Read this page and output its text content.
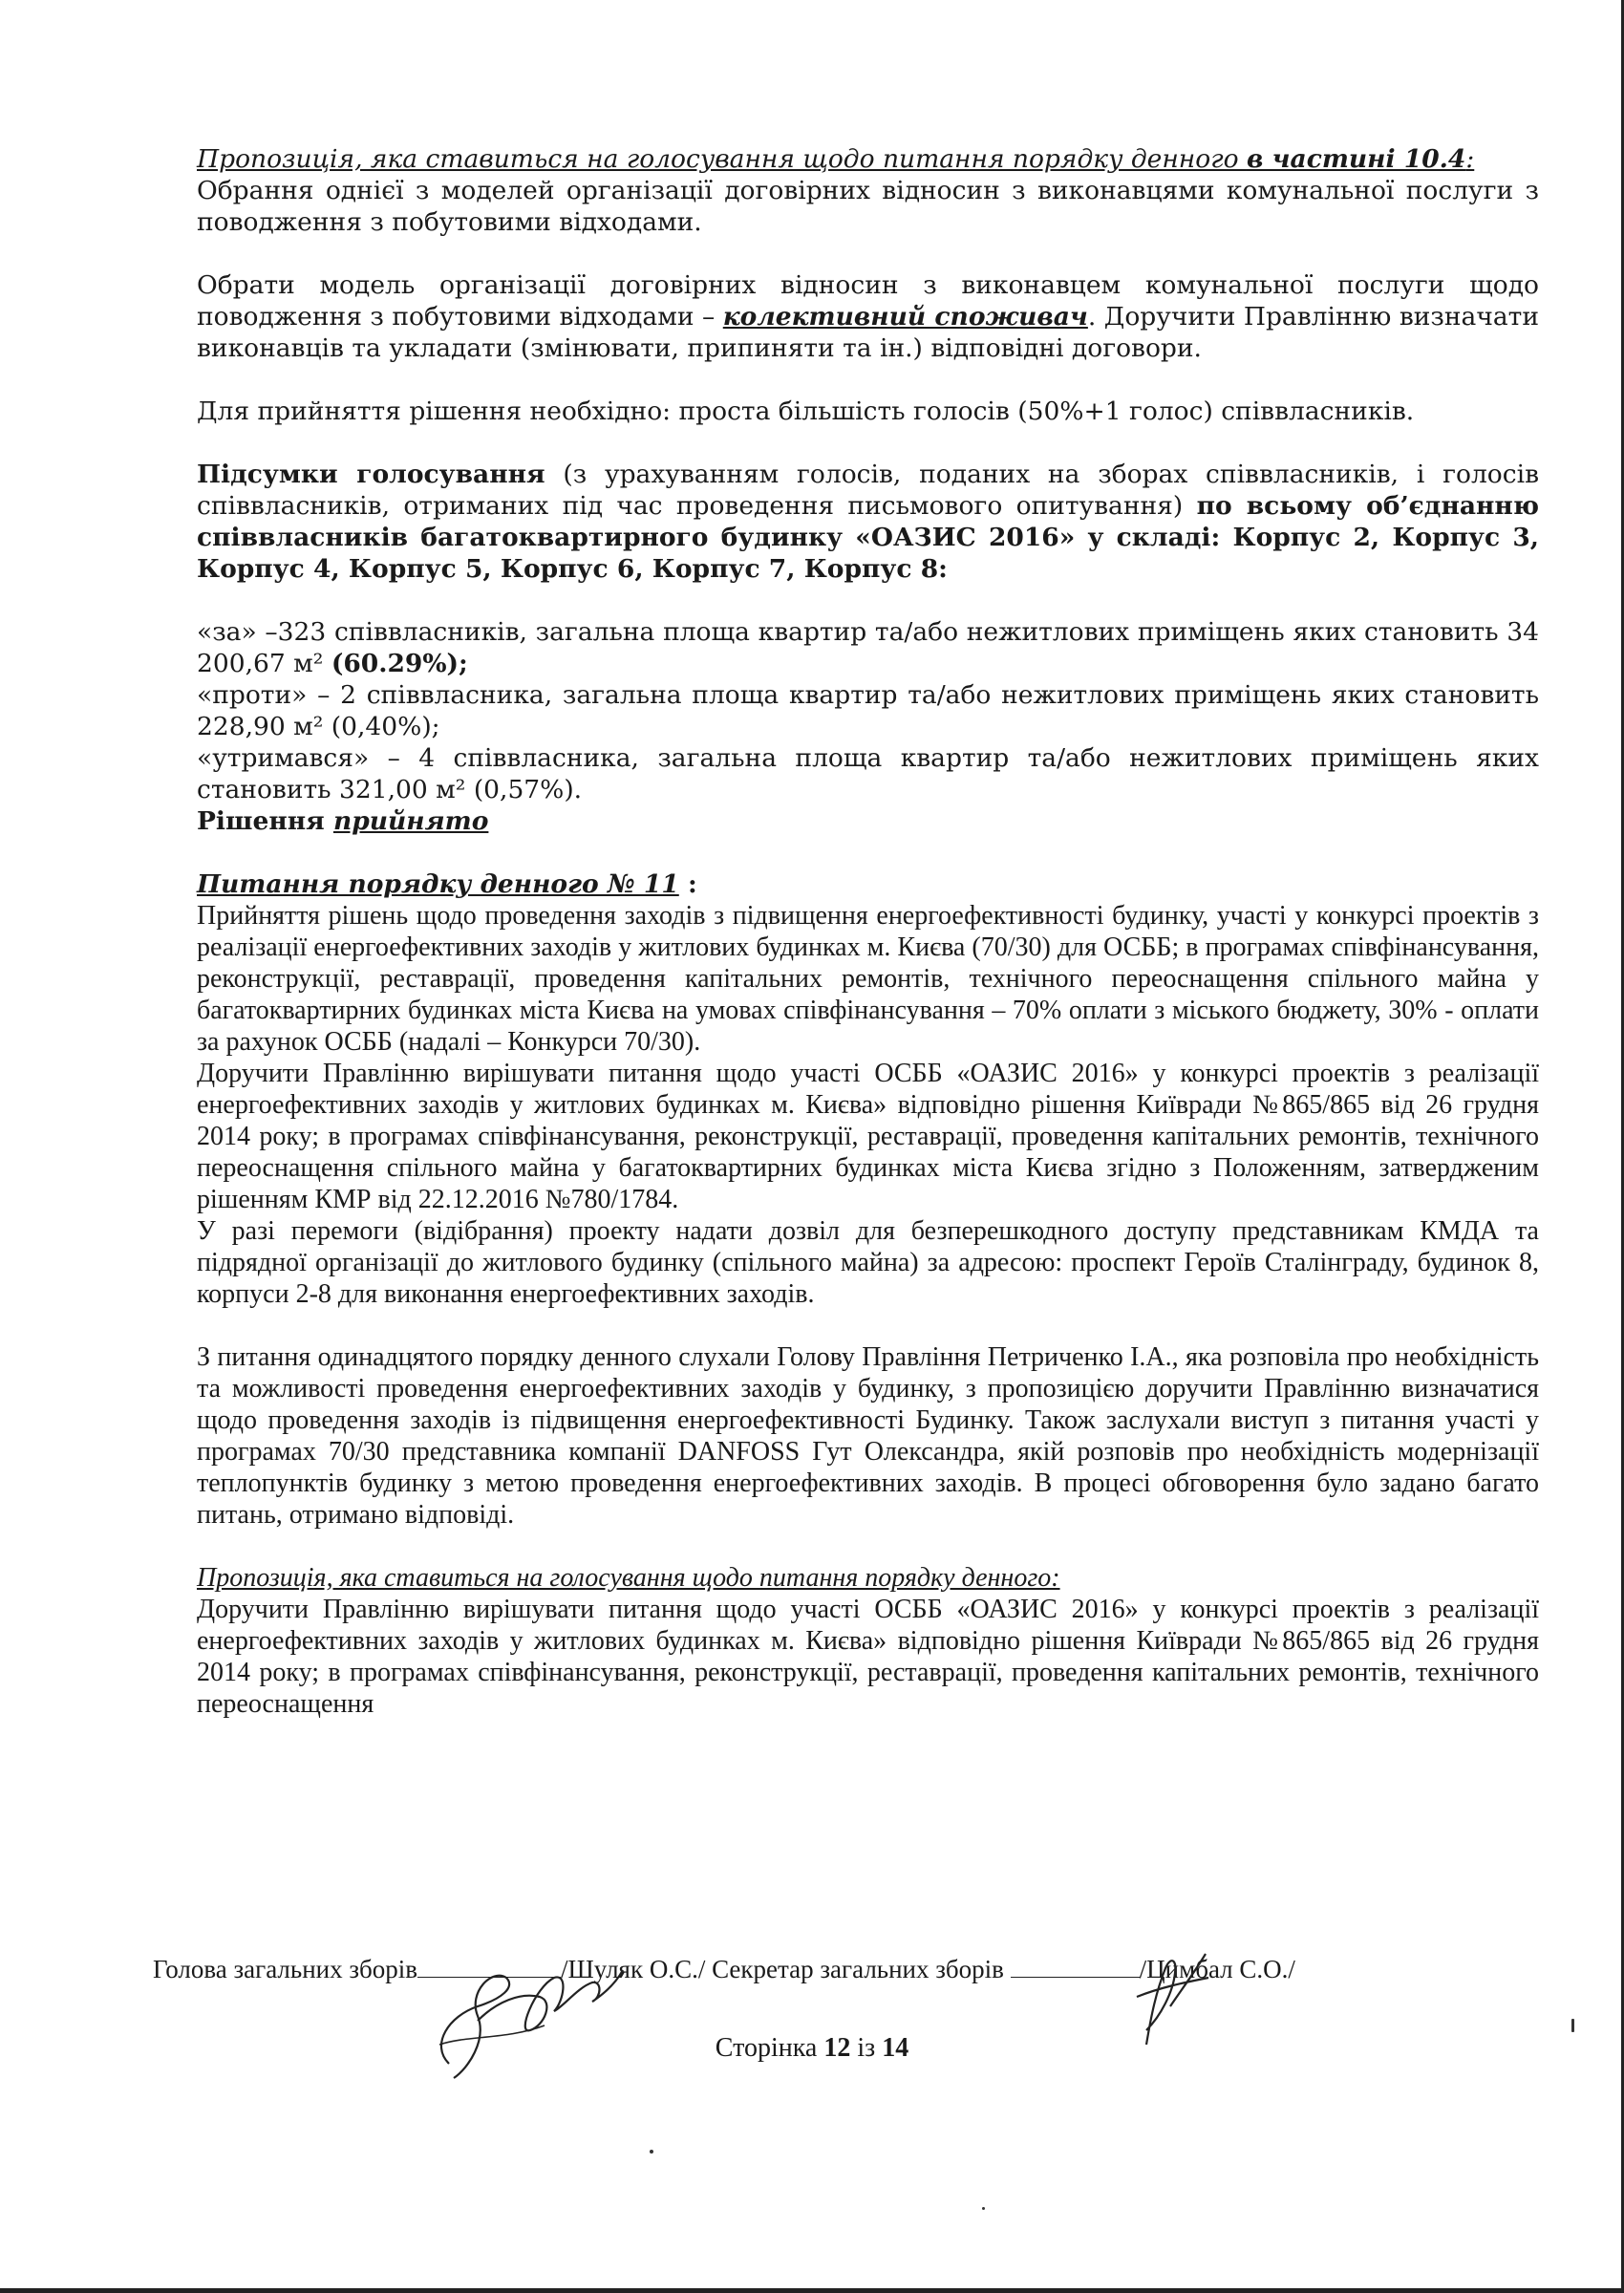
Пропозиція, яка ставиться на голосування щодо питання порядку денного в частині 10.4:

Обрання однієї з моделей організації договірних відносин з виконавцями комунальної послуги з поводження з побутовими відходами.

Обрати модель організації договірних відносин з виконавцем комунальної послуги щодо поводження з побутовими відходами – колективний споживач. Доручити Правлінню визначати виконавців та укладати (змінювати, припиняти та ін.) відповідні договори.

Для прийняття рішення необхідно: проста більшість голосів (50%+1 голос) співвласників.

Підсумки голосування (з урахуванням голосів, поданих на зборах співвласників, і голосів співвласників, отриманих під час проведення письмового опитування) по всьому об’єднанню співвласників багатоквартирного будинку «ОАЗИС 2016» у складі: Корпус 2, Корпус 3, Корпус 4, Корпус 5, Корпус 6, Корпус 7, Корпус 8:

«за» –323 співвласників, загальна площа квартир та/або нежитлових приміщень яких становить 34 200,67 м² (60.29%);

«проти» – 2 співвласника, загальна площа квартир та/або нежитлових приміщень яких становить 228,90 м² (0,40%);

«утримався» – 4 співвласника, загальна площа квартир та/або нежитлових приміщень яких становить 321,00 м² (0,57%).

Рішення прийнято

Питання порядку денного № 11 :

Прийняття рішень щодо проведення заходів з підвищення енергоефективності будинку, участі у конкурсі проектів з реалізації енергоефективних заходів у житлових будинках м. Києва (70/30) для ОСББ; в програмах співфінансування, реконструкції, реставрації, проведення капітальних ремонтів, технічного переоснащення спільного майна у багатоквартирних будинках міста Києва на умовах співфінансування – 70% оплати з міського бюджету, 30% - оплати за рахунок ОСББ (надалі – Конкурси 70/30).

Доручити Правлінню вирішувати питання щодо участі ОСББ «ОАЗИС 2016» у конкурсі проектів з реалізації енергоефективних заходів у житлових будинках м. Києва» відповідно рішення Київради №865/865 від 26 грудня 2014 року; в програмах співфінансування, реконструкції, реставрації, проведення капітальних ремонтів, технічного переоснащення спільного майна у багатоквартирних будинках міста Києва згідно з Положенням, затвердженим рішенням КМР від 22.12.2016 №780/1784.

У разі перемоги (відібрання) проекту надати дозвіл для безперешкодного доступу представникам КМДА та підрядної організації до житлового будинку (спільного майна) за адресою: проспект Героїв Сталінграду, будинок 8, корпуси 2-8 для виконання енергоефективних заходів.

З питання одинадцятого порядку денного слухали Голову Правління Петриченко І.А., яка розповіла про необхідність та можливості проведення енергоефективних заходів у будинку, з пропозицією доручити Правлінню визначатися щодо проведення заходів із підвищення енергоефективності Будинку. Також заслухали виступ з питання участі у програмах 70/30 представника компанії DANFOSS Гут Олександра, якій розповів про необхідність модернізації теплопунктів будинку з метою проведення енергоефективних заходів. В процесі обговорення було задано багато питань, отримано відповіді.

Пропозиція, яка ставиться на голосування щодо питання порядку денного:

Доручити Правлінню вирішувати питання щодо участі ОСББ «ОАЗИС 2016» у конкурсі проектів з реалізації енергоефективних заходів у житлових будинках м. Києва» відповідно рішення Київради №865/865 від 26 грудня 2014 року; в програмах співфінансування, реконструкції, реставрації, проведення капітальних ремонтів, технічного переоснащення

Голова загальних зборів	/Шуляк О.С./ Секретар загальних зборів	/Цимбал С.О./
Сторінка 12 із 14
